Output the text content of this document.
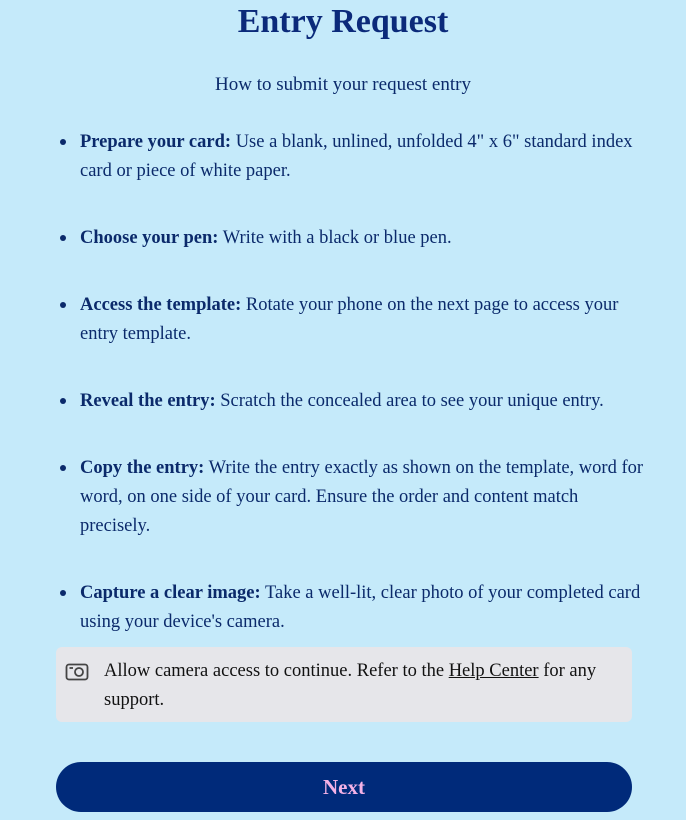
Entry Request
How to submit your request entry
Prepare your card: Use a blank, unlined, unfolded 4" x 6" standard index card or piece of white paper.
Choose your pen: Write with a black or blue pen.
Access the template: Rotate your phone on the next page to access your entry template.
Reveal the entry: Scratch the concealed area to see your unique entry.
Copy the entry: Write the entry exactly as shown on the template, word for word, on one side of your card. Ensure the order and content match precisely.
Capture a clear image: Take a well-lit, clear photo of your completed card using your device's camera.
Allow camera access to continue. Refer to the Help Center for any support.
Next
